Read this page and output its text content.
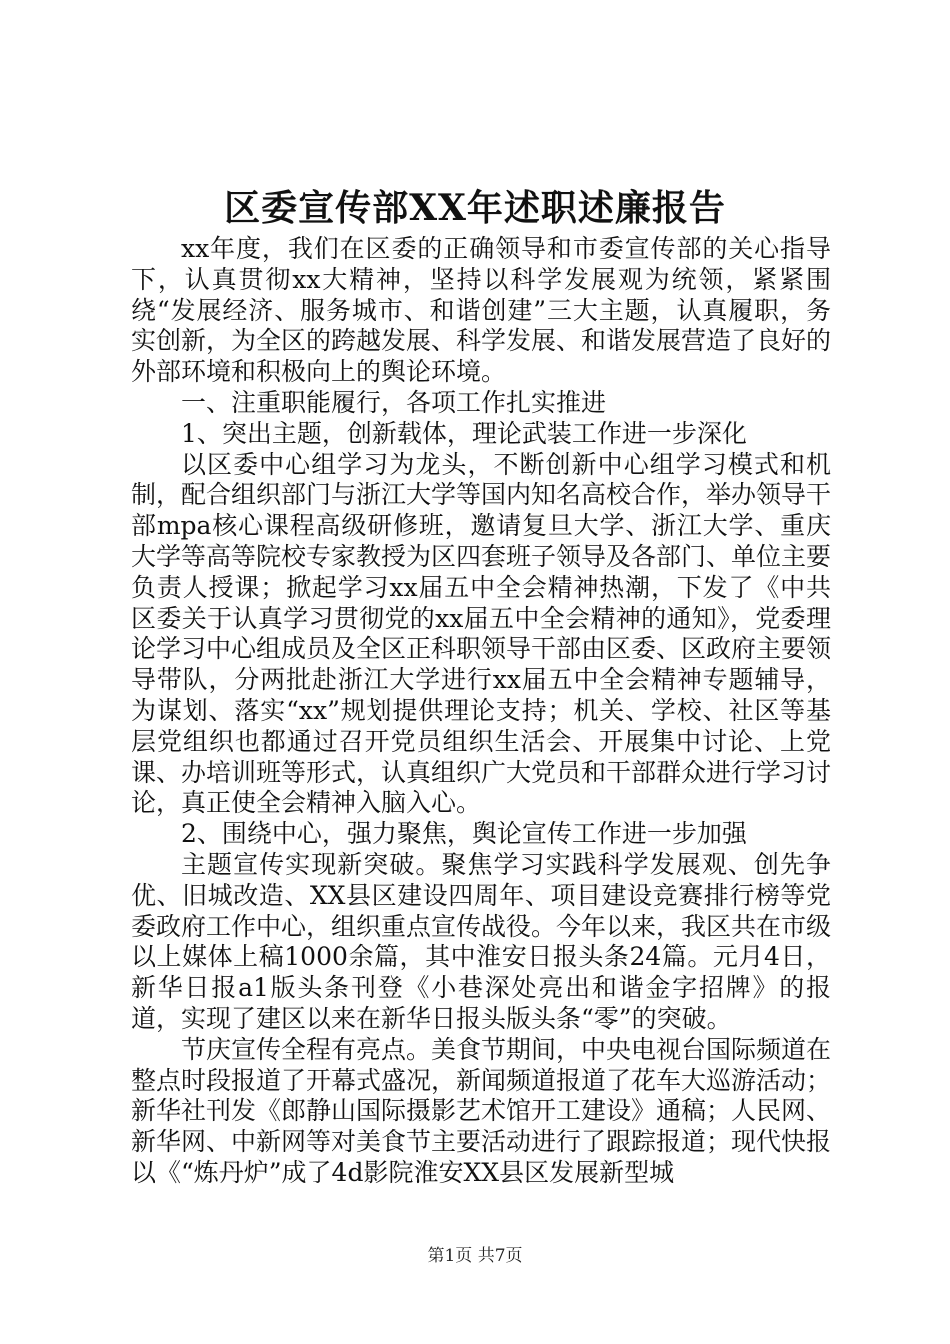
区委宣传部XX年述职述廉报告

xx年度，我们在区委的正确领导和市委宣传部的关心指导下，认真贯彻xx大精神，坚持以科学发展观为统领，紧紧围绕“发展经济、服务城市、和谐创建”三大主题，认真履职，务实创新，为全区的跨越发展、科学发展、和谐发展营造了良好的外部环境和积极向上的舆论环境。

一、注重职能履行，各项工作扎实推进

1、突出主题，创新载体，理论武装工作进一步深化

以区委中心组学习为龙头，不断创新中心组学习模式和机制，配合组织部门与浙江大学等国内知名高校合作，举办领导干部mpa核心课程高级研修班，邀请复旦大学、浙江大学、重庆大学等高等院校专家教授为区四套班子领导及各部门、单位主要负责人授课；掀起学习xx届五中全会精神热潮，下发了《中共区委关于认真学习贯彻党的xx届五中全会精神的通知》，党委理论学习中心组成员及全区正科职领导干部由区委、区政府主要领导带队，分两批赴浙江大学进行xx届五中全会精神专题辅导，为谋划、落实“xx”规划提供理论支持；机关、学校、社区等基层党组织也都通过召开党员组织生活会、开展集中讨论、上党课、办培训班等形式，认真组织广大党员和干部群众进行学习讨论，真正使全会精神入脑入心。

2、围绕中心，强力聚焦，舆论宣传工作进一步加强

主题宣传实现新突破。聚焦学习实践科学发展观、创先争优、旧城改造、XX县区建设四周年、项目建设竞赛排行榜等党委政府工作中心，组织重点宣传战役。今年以来，我区共在市级以上媒体上稿1000余篇，其中淮安日报头条24篇。元月4日，新华日报a1版头条刊登《小巷深处亮出和谐金字招牌》的报道，实现了建区以来在新华日报头版头条“零”的突破。

节庆宣传全程有亮点。美食节期间，中央电视台国际频道在整点时段报道了开幕式盛况，新闻频道报道了花车大巡游活动；新华社刊发《郎静山国际摄影艺术馆开工建设》通稿；人民网、新华网、中新网等对美食节主要活动进行了跟踪报道；现代快报以《“炼丹炉”成了4d影院淮安XX县区发展新型城

第1页 共7页
